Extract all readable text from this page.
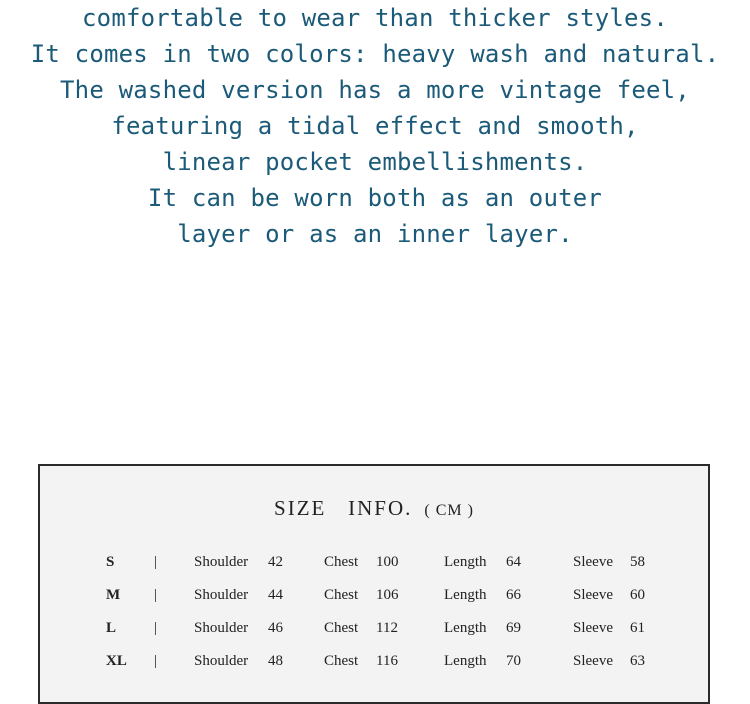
comfortable to wear than thicker styles.
It comes in two colors: heavy wash and natural.
The washed version has a more vintage feel,
featuring a tidal effect and smooth,
linear pocket embellishments.
It can be worn both as an outer
layer or as an inner layer.
SIZE   INFO. ( CM )
S	| Shoulder 42	Chest 100	Length 64	Sleeve 58
M | Shoulder 44	Chest 106	Length 66	Sleeve 60
L	| Shoulder 46	Chest 112	Length 69	Sleeve 61
XL | Shoulder 48	Chest 116	Length 70	Sleeve 63
